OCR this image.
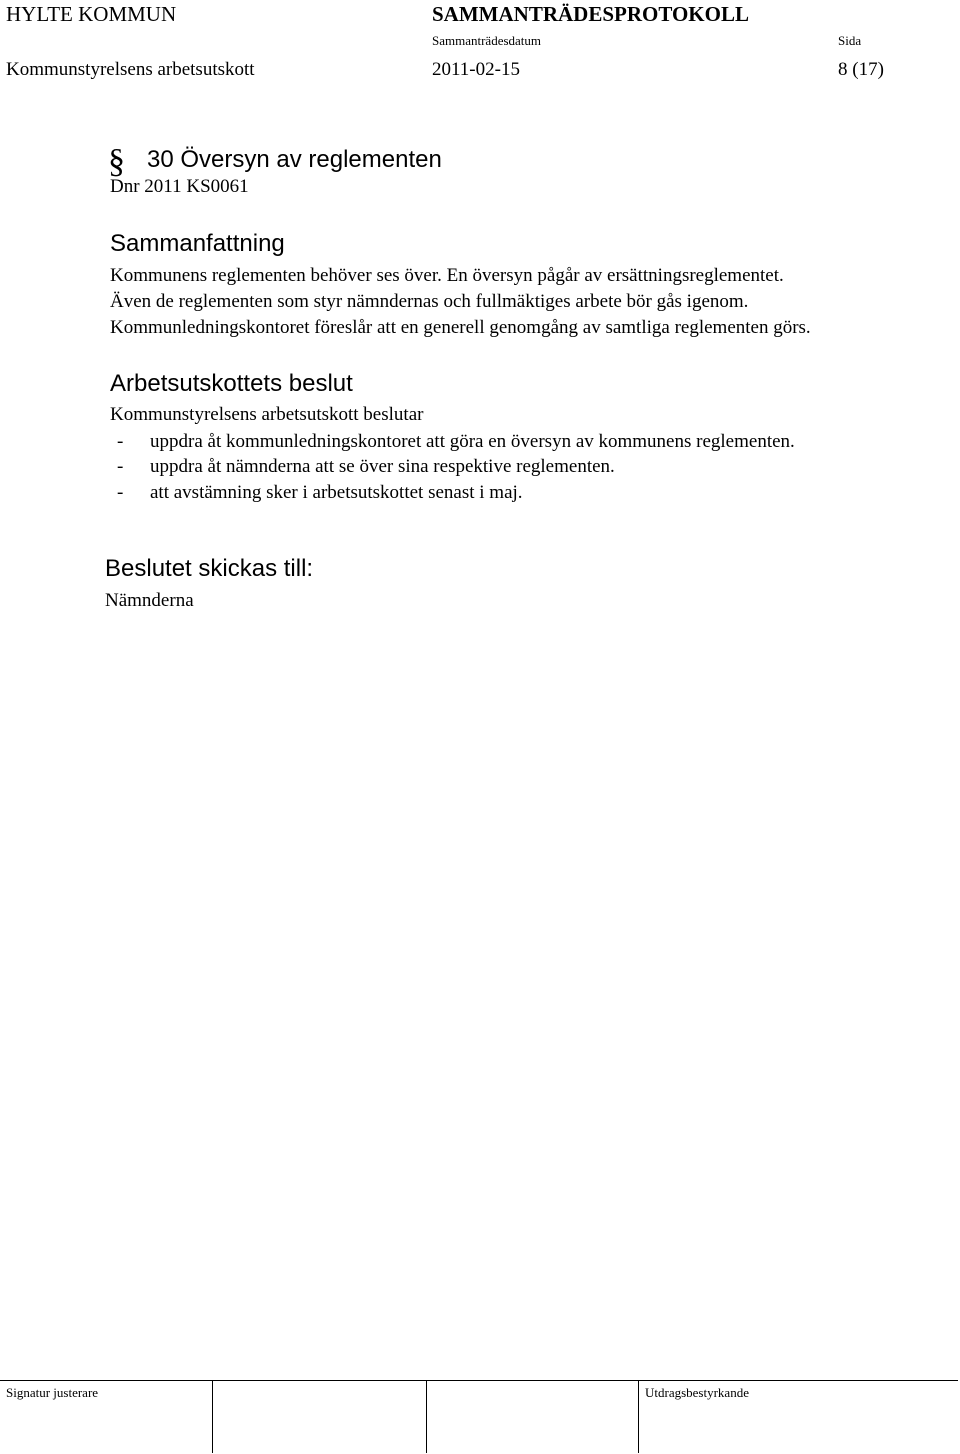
HYLTE KOMMUN	SAMMANTRÄDESPROTOKOLL
Sammanträdesdatum	Sida
Kommunstyrelsens arbetsutskott	2011-02-15	8 (17)
§ 30 Översyn av reglementen
Dnr 2011 KS0061
Sammanfattning

Kommunens reglementen behöver ses över. En översyn pågår av ersättningsreglementet.

Även de reglementen som styr nämndernas och fullmäktiges arbete bör gås igenom.

Kommunledningskontoret föreslår att en generell genomgång av samtliga reglementen görs.

Arbetsutskottets beslut
Kommunstyrelsens arbetsutskott beslutar
- uppdra åt kommunledningskontoret att göra en översyn av kommunens reglementen.
- uppdra åt nämnderna att se över sina respektive reglementen.
- att avstämning sker i arbetsutskottet senast i maj.
Beslutet skickas till:
Nämnderna
Signatur justerare	Utdragsbestyrkande
